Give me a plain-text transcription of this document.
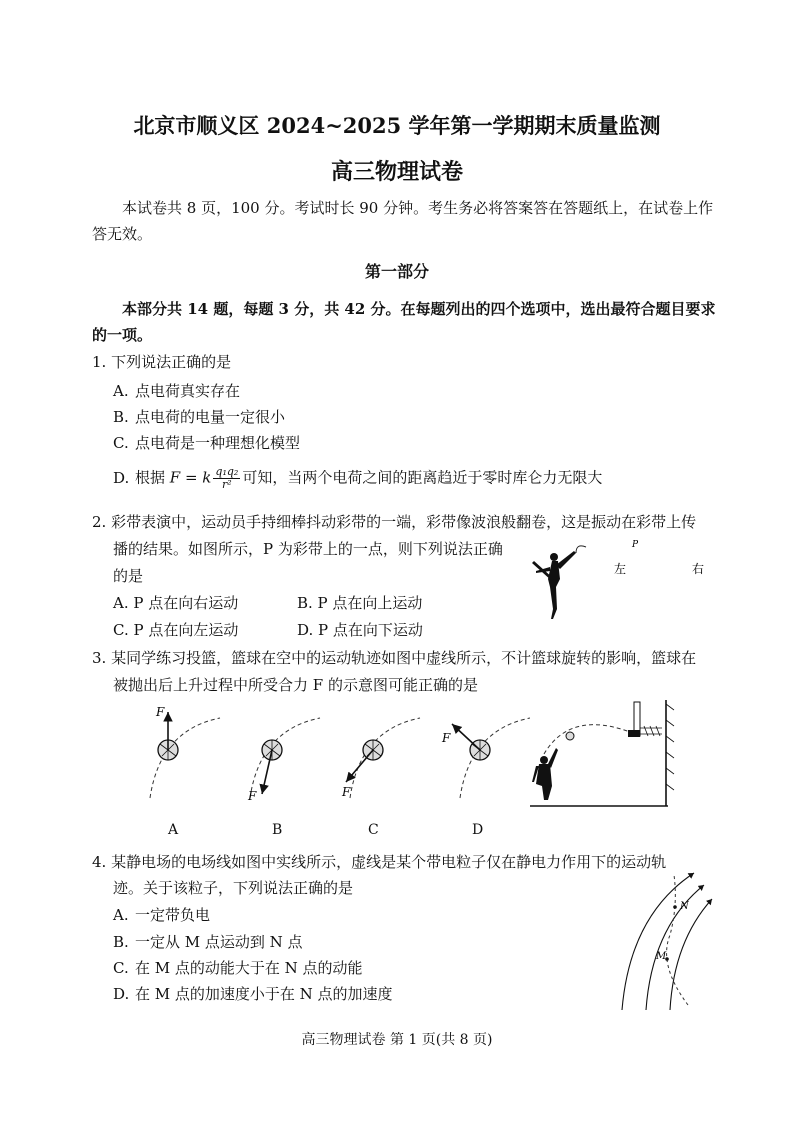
北京市顺义区 2024~2025 学年第一学期期末质量监测
高三物理试卷
本试卷共 8 页，100 分。考试时长 90 分钟。考生务必将答案答在答题纸上，在试卷上作
答无效。
第一部分
本部分共 14 题，每题 3 分，共 42 分。在每题列出的四个选项中，选出最符合题目要求
的一项。
1. 下列说法正确的是
A. 点电荷真实存在
B. 点电荷的电量一定很小
C. 点电荷是一种理想化模型
D. 根据 F = k $\frac{\text{q₁q₂}}{\text{r²}}$ 可知，当两个电荷之间的距离趋近于零时库仑力无限大
2. 彩带表演中，运动员手持细棒抖动彩带的一端，彩带像波浪般翻卷，这是振动在彩带上传
播的结果。如图所示，P 为彩带上的一点，则下列说法正确
的是
A. P 点在向右运动	B. P 点在向上运动
C. P 点在向左运动	D. P 点在向下运动
左	右
P
3. 某同学练习投篮，篮球在空中的运动轨迹如图中虚线所示，不计篮球旋转的影响，篮球在
被抛出后上升过程中所受合力 F 的示意图可能正确的是
F
F	F
F
A	B	C	D
4. 某静电场的电场线如图中实线所示，虚线是某个带电粒子仅在静电力作用下的运动轨
迹。关于该粒子，下列说法正确的是
A. 一定带负电
B. 一定从 M 点运动到 N 点
C. 在 M 点的动能大于在 N 点的动能
D. 在 M 点的加速度小于在 N 点的加速度
M
N
高三物理试卷 第 1 页(共 8 页)
